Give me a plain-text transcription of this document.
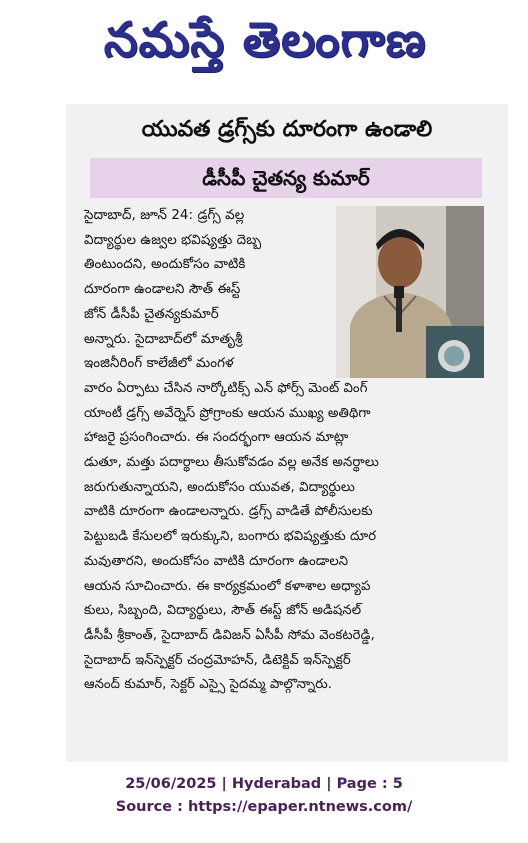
నమస్తే తెలంగాణ
యువత డ్రగ్స్‌కు దూరంగా ఉండాలి
డీసీపీ చైతన్య కుమార్
సైదాబాద్‌, జూన్‌ 24: డ్రగ్స్‌ వల్ల
విద్యార్థుల ఉజ్వల భవిష్యత్తు దెబ్బ
తింటుందని, అందుకోసం వాటికి
దూరంగా ఉండాలని సౌత్‌ ఈస్ట్‌
జోన్‌ డీసీపీ చైతన్యకుమార్‌
అన్నారు. సైదాబాద్‌లో మాతృశ్రీ
ఇంజినీరింగ్‌ కాలేజీలో మంగళ
వారం ఏర్పాటు చేసిన నార్కోటిక్స్‌ ఎన్‌ ఫోర్స్‌ మెంట్‌ వింగ్‌
యాంటీ డ్రగ్స్‌ అవేర్నెస్‌ ప్రోగ్రాంకు ఆయన ముఖ్య అతిథిగా
హాజరై ప్రసంగించారు. ఈ సందర్భంగా ఆయన మాట్లా
డుతూ, మత్తు పదార్థాలు తీసుకోవడం వల్ల అనేక అనర్థాలు
జరుగుతున్నాయని, అందుకోసం యువత, విద్యార్థులు
వాటికి దూరంగా ఉండాలన్నారు. డ్రగ్స్‌ వాడితే పోలీసులకు
పెట్టుబడి కేసులలో ఇరుక్కుని, బంగారు భవిష్యత్తుకు దూర
మవుతారని, అందుకోసం వాటికి దూరంగా ఉండాలని
ఆయన సూచించారు. ఈ కార్యక్రమంలో కళాశాల అధ్యాప
కులు, సిబ్బంది, విద్యార్థులు, సౌత్‌ ఈస్ట్‌ జోన్‌ అడిషనల్‌
డీసీపీ శ్రీకాంత్‌, సైదాబాద్‌ డివిజన్‌ ఏసీపీ సోమ వెంకటరెడ్డి,
సైదాబాద్‌ ఇన్‌స్పెక్టర్‌ చంద్రమోహన్‌, డిటెక్టివ్‌ ఇన్‌స్పెక్టర్‌
ఆనంద్‌ కుమార్‌, సెక్టర్‌ ఎస్సై సైదమ్మ పాల్గొన్నారు.
25/06/2025 | Hyderabad | Page : 5
Source : https://epaper.ntnews.com/
